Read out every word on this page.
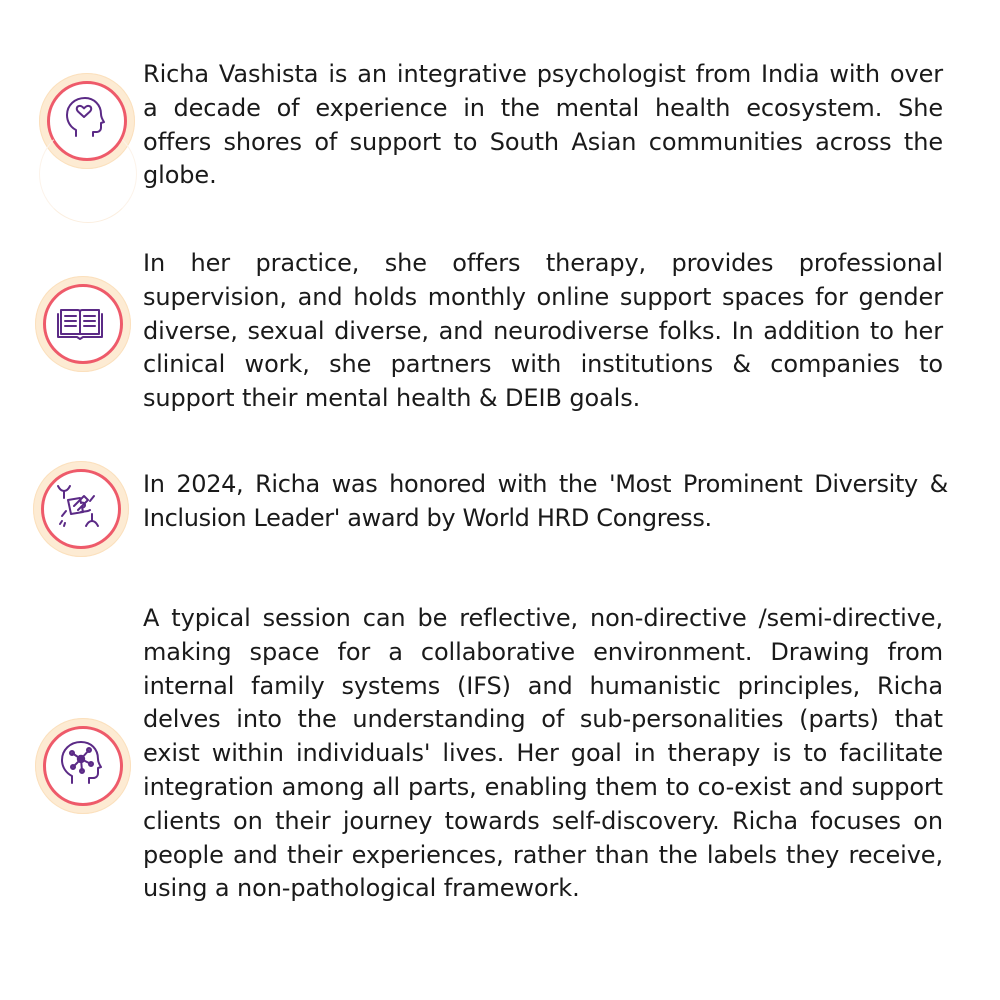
Richa Vashista is an integrative psychologist from India with over a decade of experience in the mental health ecosystem. She offers shores of support to South Asian communities across the globe.

In her practice, she offers therapy, provides professional supervision, and holds monthly online support spaces for gender diverse, sexual diverse, and neurodiverse folks. In addition to her clinical work, she partners with institutions & companies to support their mental health & DEIB goals.

In 2024, Richa was honored with the 'Most Prominent Diversity & Inclusion Leader' award by World HRD Congress.

A typical session can be reflective, non-directive /semi-directive, making space for a collaborative environment. Drawing from internal family systems (IFS) and humanistic principles, Richa delves into the understanding of sub-personalities (parts) that exist within individuals' lives. Her goal in therapy is to facilitate integration among all parts, enabling them to co-exist and support clients on their journey towards self-discovery. Richa focuses on people and their experiences, rather than the labels they receive, using a non-pathological framework.
